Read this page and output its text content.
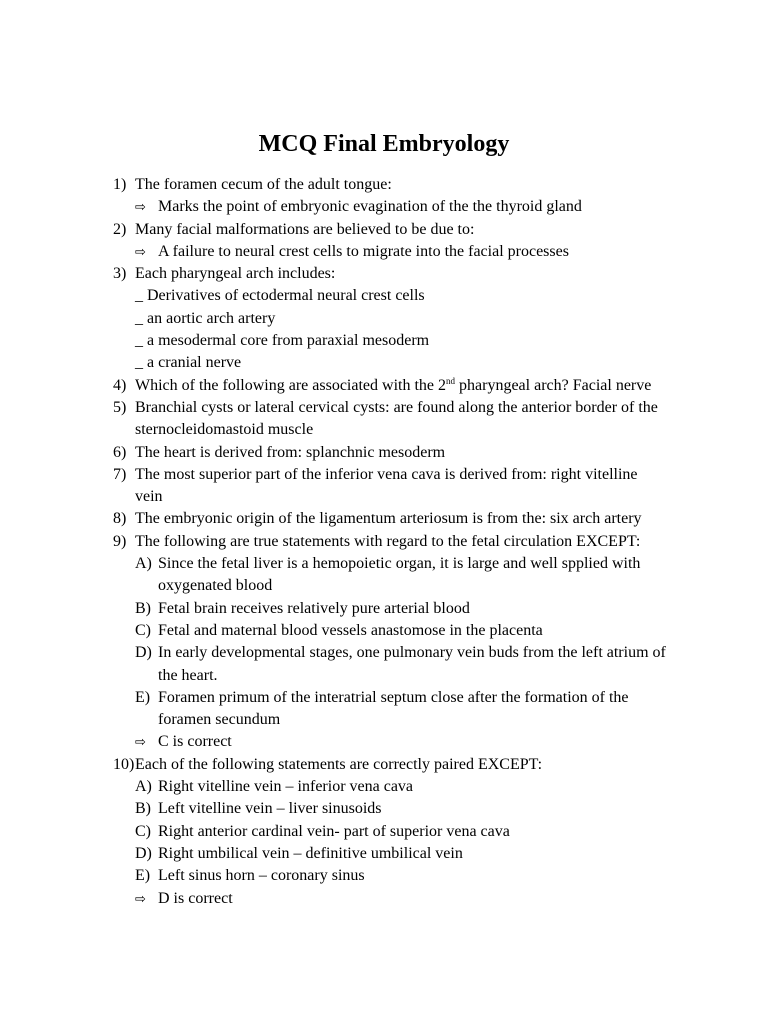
MCQ Final Embryology
1) The foramen cecum of the adult tongue:
⇨ Marks the point of embryonic evagination of the the thyroid gland
2) Many facial malformations are believed to be due to:
⇨ A failure to neural crest cells to migrate into the facial processes
3) Each pharyngeal arch includes:
_ Derivatives of ectodermal neural crest cells
_ an aortic arch artery
_ a mesodermal core from paraxial mesoderm
_ a cranial nerve
4) Which of the following are associated with the 2nd pharyngeal arch? Facial nerve
5) Branchial cysts or lateral cervical cysts: are found along the anterior border of the
sternocleidomastoid muscle
6) The heart is derived from: splanchnic mesoderm
7) The most superior part of the inferior vena cava is derived from: right vitelline
vein
8) The embryonic origin of the ligamentum arteriosum is from the: six arch artery
9) The following are true statements with regard to the fetal circulation EXCEPT:
A) Since the fetal liver is a hemopoietic organ, it is large and well spplied with
oxygenated blood
B) Fetal brain receives relatively pure arterial blood
C) Fetal and maternal blood vessels anastomose in the placenta
D) In early developmental stages, one pulmonary vein buds from the left atrium of
the heart.
E) Foramen primum of the interatrial septum close after the formation of the
foramen secundum
⇨ C is correct
10) Each of the following statements are correctly paired EXCEPT:
A) Right vitelline vein – inferior vena cava
B) Left vitelline vein – liver sinusoids
C) Right anterior cardinal vein- part of superior vena cava
D) Right umbilical vein – definitive umbilical vein
E) Left sinus horn – coronary sinus
⇨ D is correct
